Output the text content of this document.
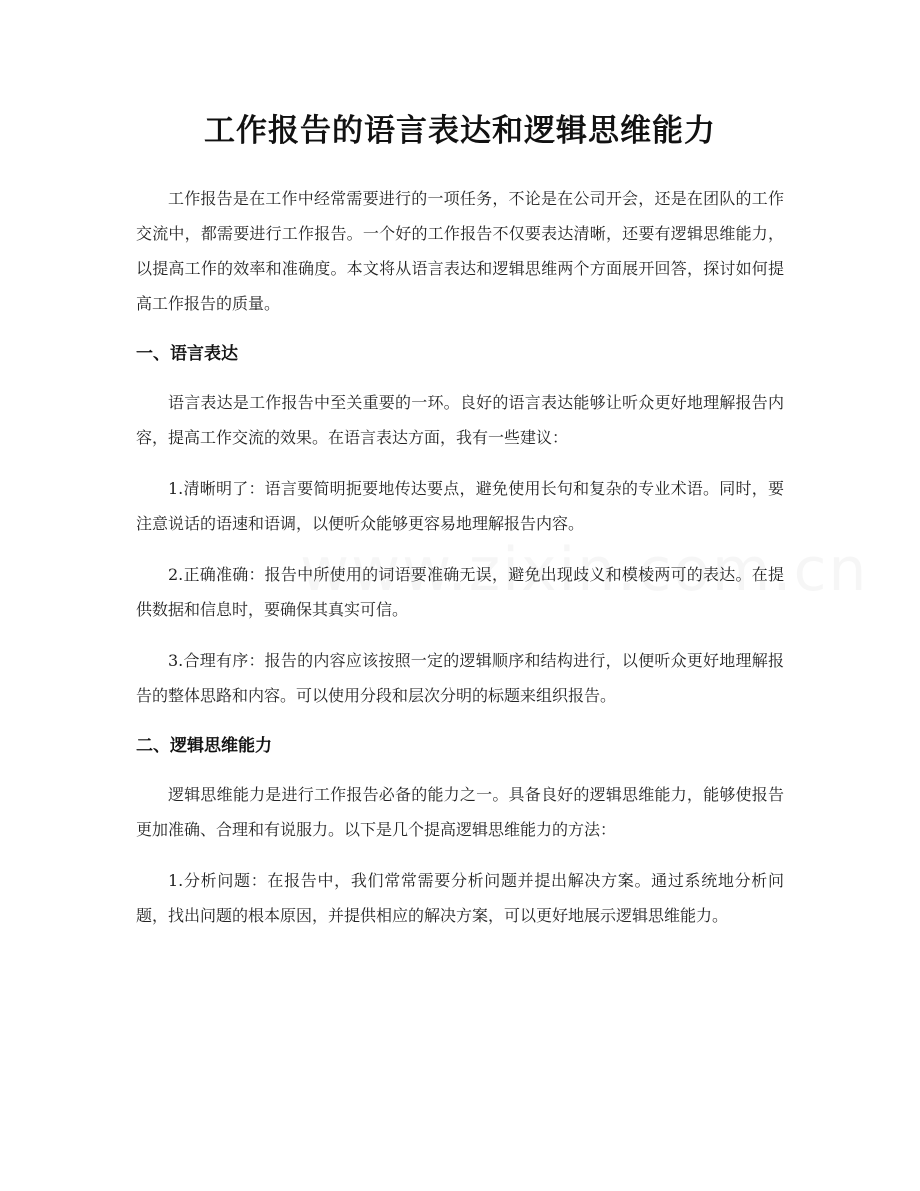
工作报告的语言表达和逻辑思维能力

工作报告是在工作中经常需要进行的一项任务，不论是在公司开会，还是在团队的工作交流中，都需要进行工作报告。一个好的工作报告不仅要表达清晰，还要有逻辑思维能力，以提高工作的效率和准确度。本文将从语言表达和逻辑思维两个方面展开回答，探讨如何提高工作报告的质量。

一、语言表达

语言表达是工作报告中至关重要的一环。良好的语言表达能够让听众更好地理解报告内容，提高工作交流的效果。在语言表达方面，我有一些建议：

1.清晰明了：语言要简明扼要地传达要点，避免使用长句和复杂的专业术语。同时，要注意说话的语速和语调，以便听众能够更容易地理解报告内容。

2.正确准确：报告中所使用的词语要准确无误，避免出现歧义和模棱两可的表达。在提供数据和信息时，要确保其真实可信。

3.合理有序：报告的内容应该按照一定的逻辑顺序和结构进行，以便听众更好地理解报告的整体思路和内容。可以使用分段和层次分明的标题来组织报告。

二、逻辑思维能力

逻辑思维能力是进行工作报告必备的能力之一。具备良好的逻辑思维能力，能够使报告更加准确、合理和有说服力。以下是几个提高逻辑思维能力的方法：

1.分析问题：在报告中，我们常常需要分析问题并提出解决方案。通过系统地分析问题，找出问题的根本原因，并提供相应的解决方案，可以更好地展示逻辑思维能力。
